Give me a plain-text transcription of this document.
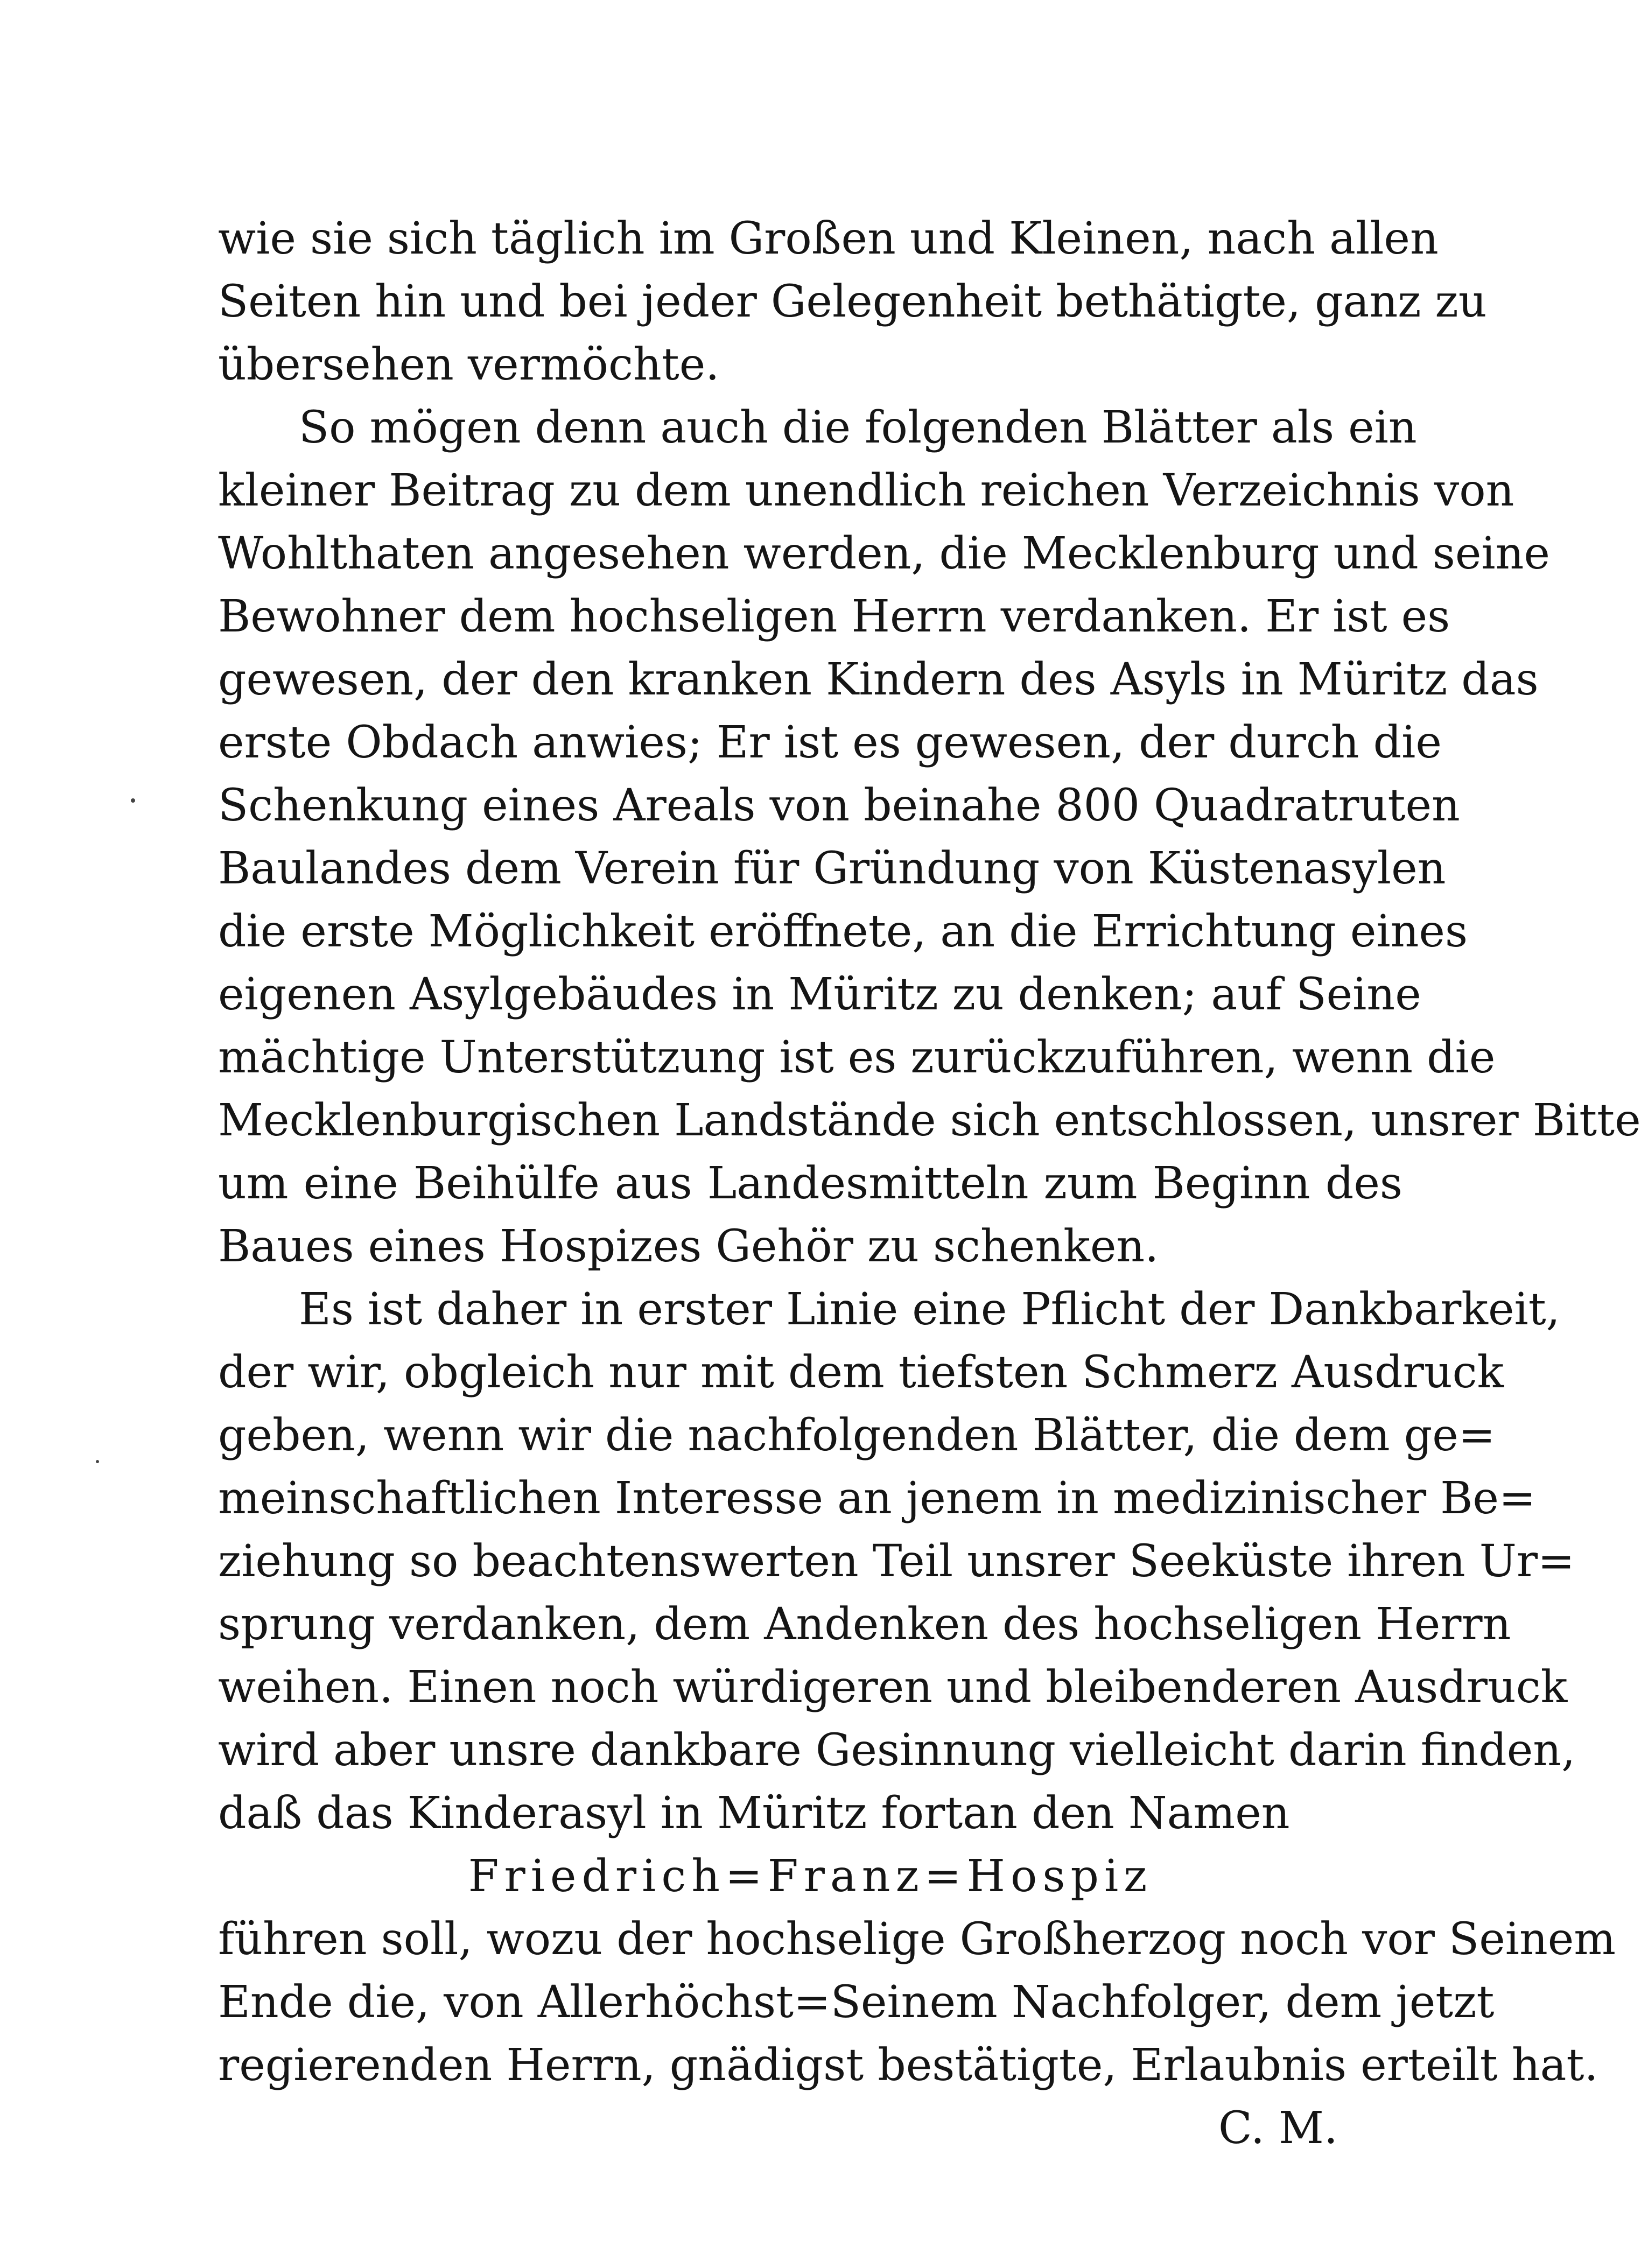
wie sie sich täglich im Großen und Kleinen, nach allen
Seiten hin und bei jeder Gelegenheit bethätigte, ganz zu
übersehen vermöchte.
So mögen denn auch die folgenden Blätter als ein
kleiner Beitrag zu dem unendlich reichen Verzeichnis von
Wohlthaten angesehen werden, die Mecklenburg und seine
Bewohner dem hochseligen Herrn verdanken. Er ist es
gewesen, der den kranken Kindern des Asyls in Müritz das
erste Obdach anwies; Er ist es gewesen, der durch die
Schenkung eines Areals von beinahe 800 Quadratruten
Baulandes dem Verein für Gründung von Küstenasylen
die erste Möglichkeit eröffnete, an die Errichtung eines
eigenen Asylgebäudes in Müritz zu denken; auf Seine
mächtige Unterstützung ist es zurückzuführen, wenn die
Mecklenburgischen Landstände sich entschlossen, unsrer Bitte
um eine Beihülfe aus Landesmitteln zum Beginn des
Baues eines Hospizes Gehör zu schenken.
Es ist daher in erster Linie eine Pflicht der Dankbarkeit,
der wir, obgleich nur mit dem tiefsten Schmerz Ausdruck
geben, wenn wir die nachfolgenden Blätter, die dem ge=
meinschaftlichen Interesse an jenem in medizinischer Be=
ziehung so beachtenswerten Teil unsrer Seeküste ihren Ur=
sprung verdanken, dem Andenken des hochseligen Herrn
weihen. Einen noch würdigeren und bleibenderen Ausdruck
wird aber unsre dankbare Gesinnung vielleicht darin finden,
daß das Kinderasyl in Müritz fortan den Namen
Friedrich=Franz=Hospiz
führen soll, wozu der hochselige Großherzog noch vor Seinem
Ende die, von Allerhöchst=Seinem Nachfolger, dem jetzt
regierenden Herrn, gnädigst bestätigte, Erlaubnis erteilt hat.
C. M.
